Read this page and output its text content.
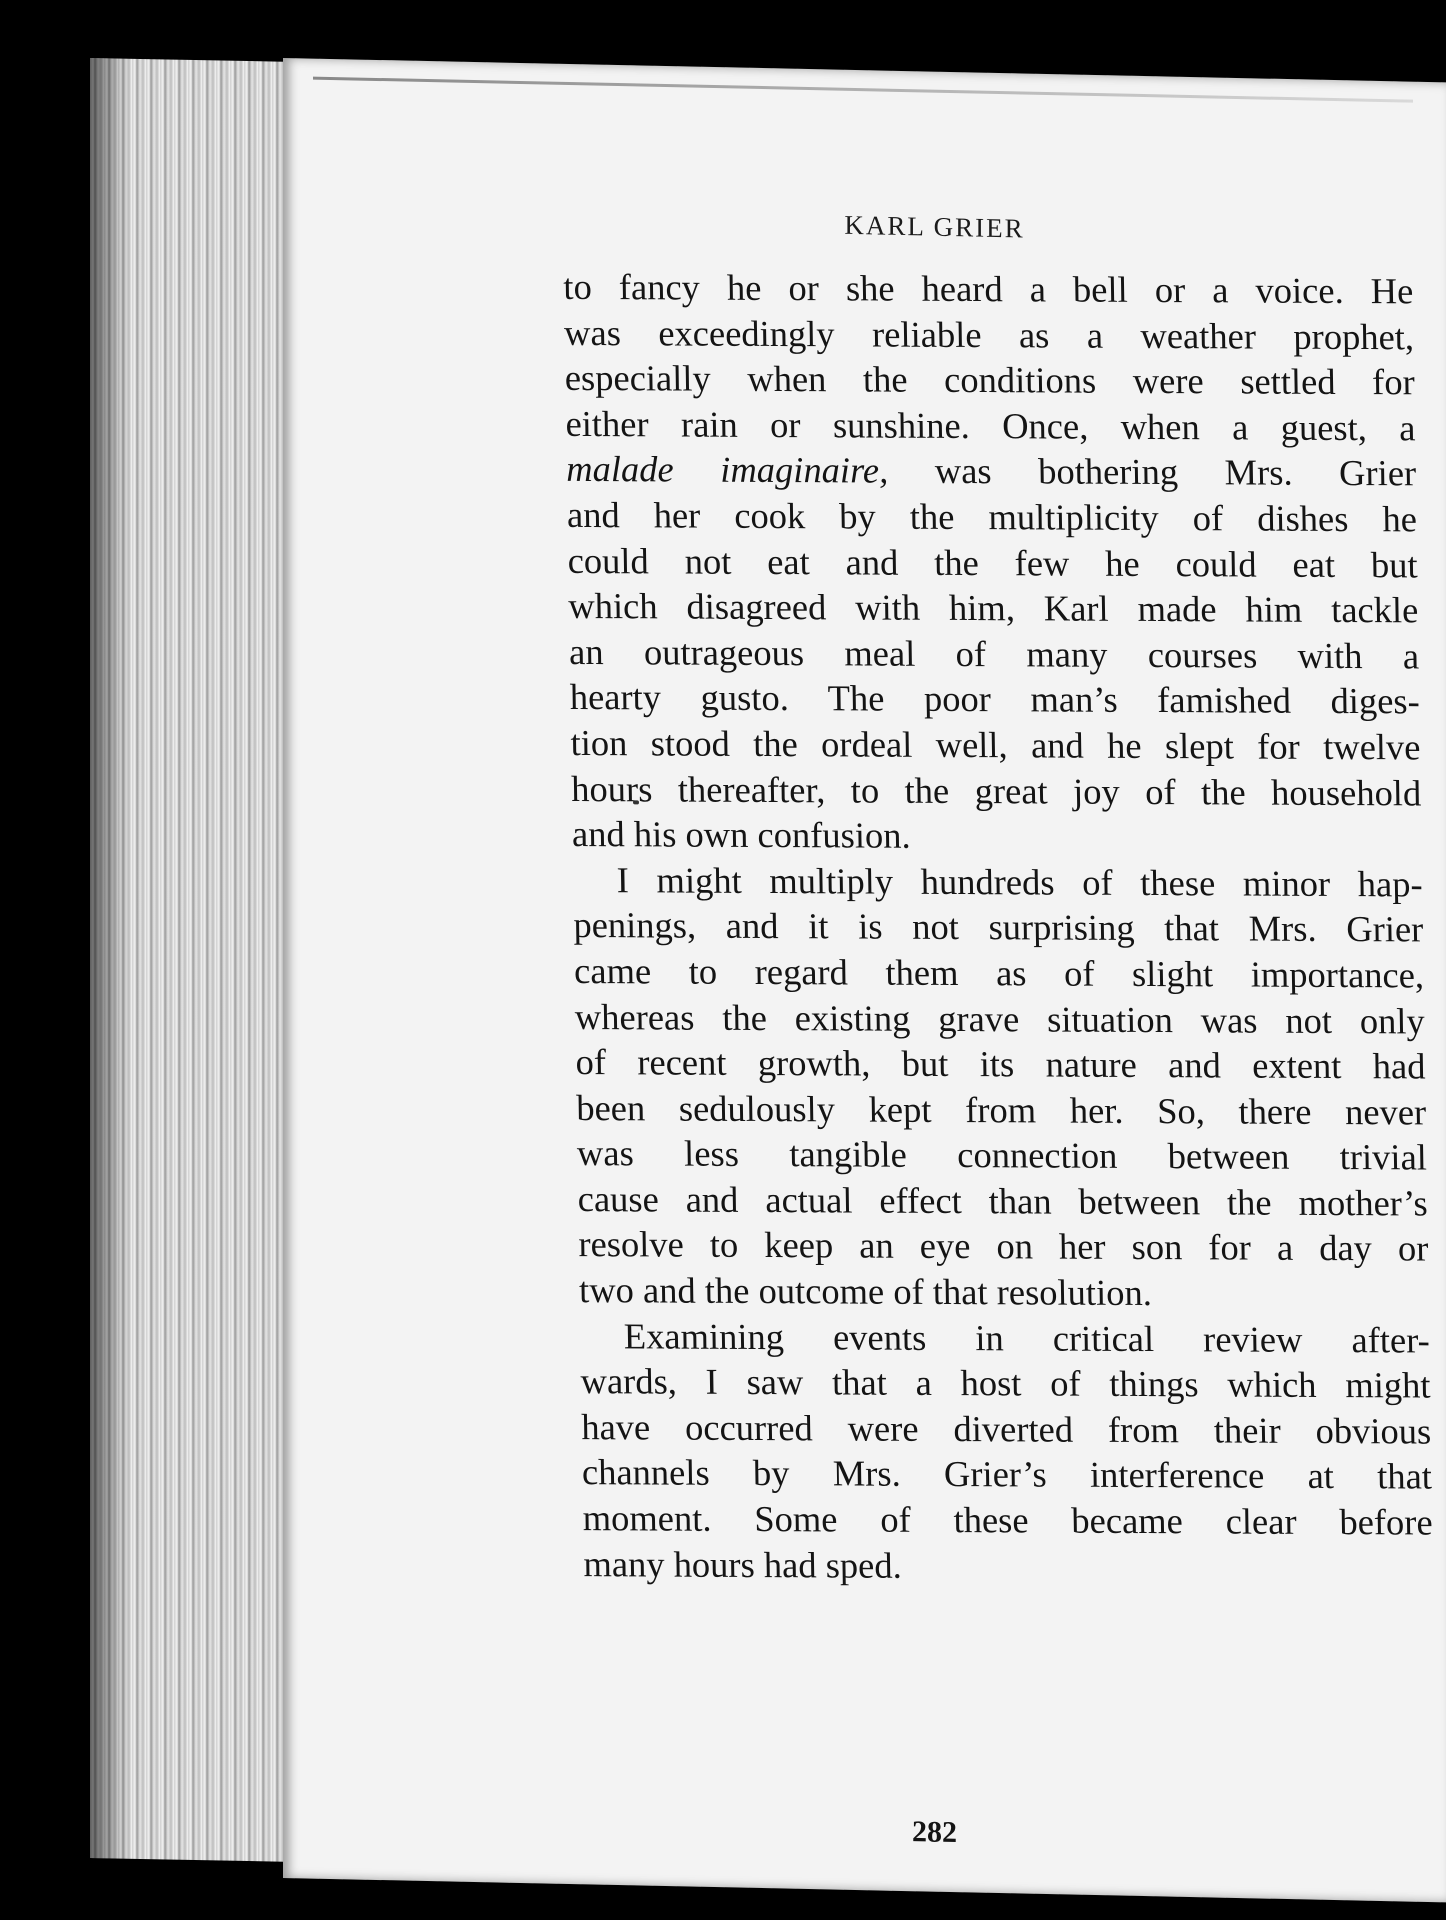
KARL GRIER
to fancy he or she heard a bell or a voice. He
was exceedingly reliable as a weather prophet,
especially when the conditions were settled for
either rain or sunshine. Once, when a guest, a
malade imaginaire, was bothering Mrs. Grier
and her cook by the multiplicity of dishes he
could not eat and the few he could eat but
which disagreed with him, Karl made him tackle
an outrageous meal of many courses with a
hearty gusto. The poor man’s famished diges-
tion stood the ordeal well, and he slept for twelve
hours thereafter, to the great joy of the household
and his own confusion.
I might multiply hundreds of these minor hap-
penings, and it is not surprising that Mrs. Grier
came to regard them as of slight importance,
whereas the existing grave situation was not only
of recent growth, but its nature and extent had
been sedulously kept from her. So, there never
was less tangible connection between trivial
cause and actual effect than between the mother’s
resolve to keep an eye on her son for a day or
two and the outcome of that resolution.
Examining events in critical review after-
wards, I saw that a host of things which might
have occurred were diverted from their obvious
channels by Mrs. Grier’s interference at that
moment. Some of these became clear before
many hours had sped.
282
